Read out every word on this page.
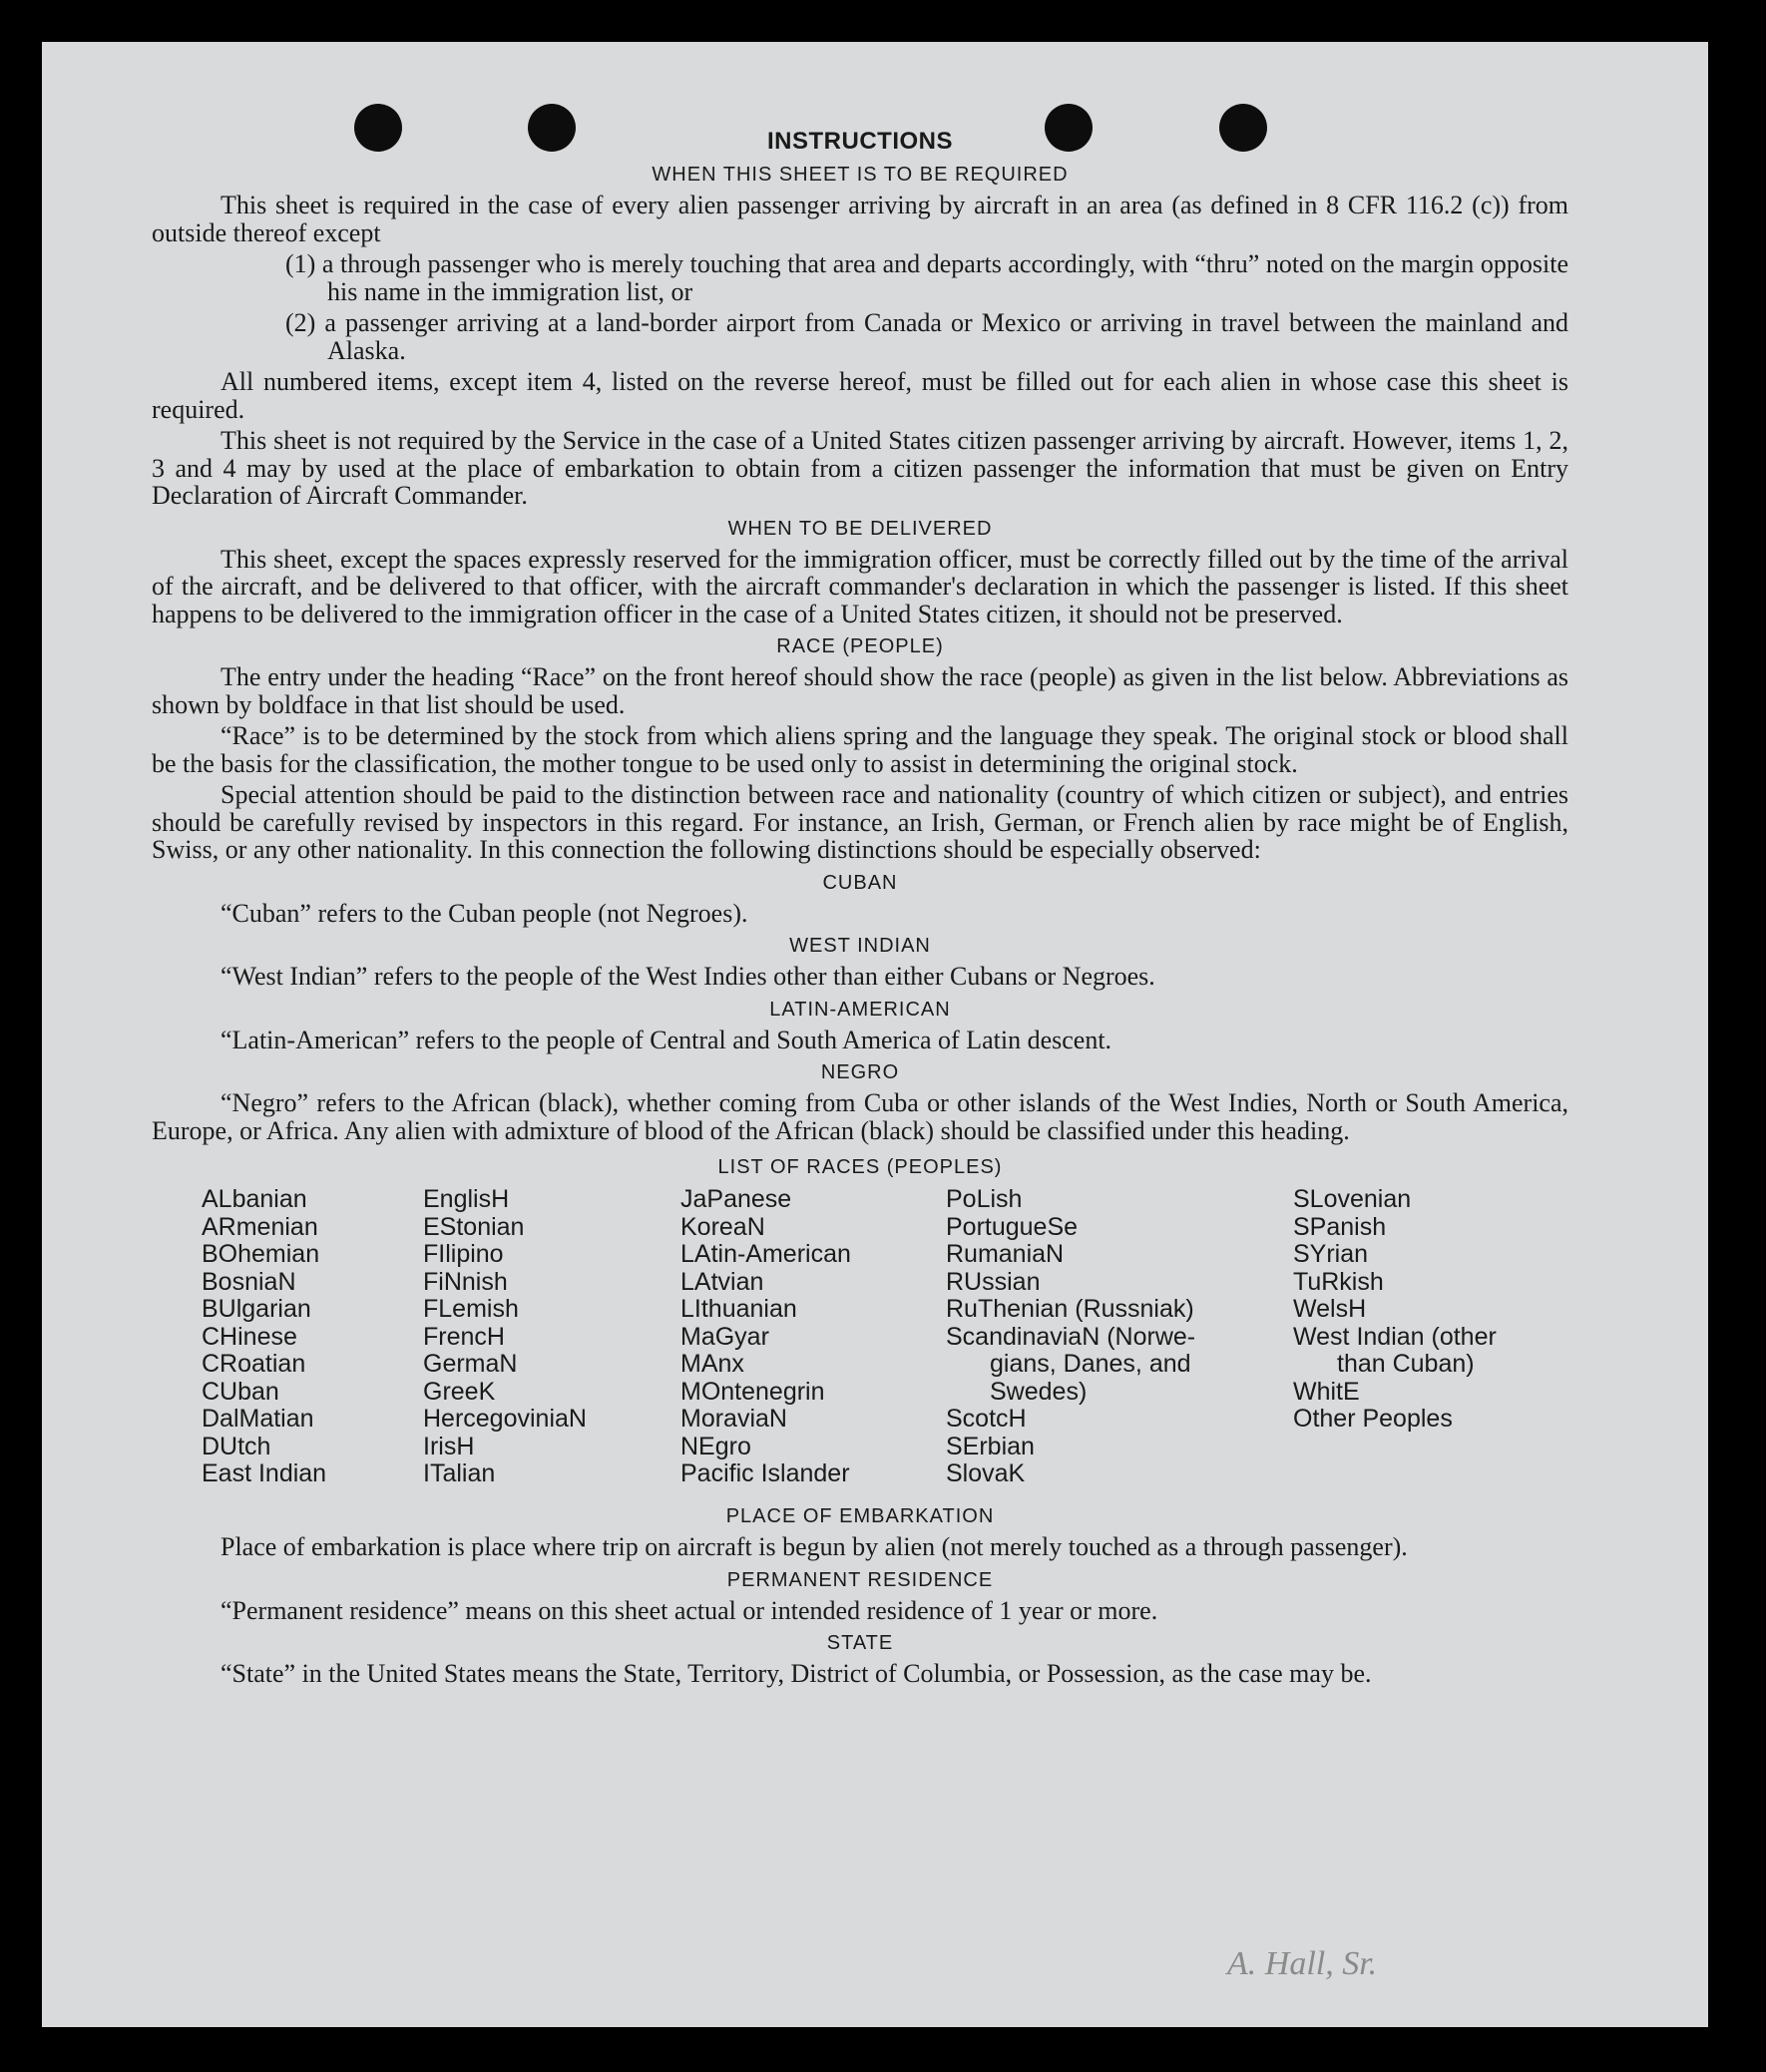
INSTRUCTIONS
WHEN THIS SHEET IS TO BE REQUIRED

This sheet is required in the case of every alien passenger arriving by aircraft in an area (as defined in 8 CFR 116.2 (c)) from outside thereof except

(1) a through passenger who is merely touching that area and departs accordingly, with “thru” noted on the margin opposite his name in the immigration list, or
(2) a passenger arriving at a land-border airport from Canada or Mexico or arriving in travel between the mainland and Alaska.

All numbered items, except item 4, listed on the reverse hereof, must be filled out for each alien in whose case this sheet is required.

This sheet is not required by the Service in the case of a United States citizen passenger arriving by aircraft. However, items 1, 2, 3 and 4 may by used at the place of embarkation to obtain from a citizen passenger the information that must be given on Entry Declaration of Aircraft Commander.

WHEN TO BE DELIVERED

This sheet, except the spaces expressly reserved for the immigration officer, must be correctly filled out by the time of the arrival of the aircraft, and be delivered to that officer, with the aircraft commander's declaration in which the passenger is listed. If this sheet happens to be delivered to the immigration officer in the case of a United States citizen, it should not be preserved.

RACE (PEOPLE)

The entry under the heading “Race” on the front hereof should show the race (people) as given in the list below. Abbreviations as shown by boldface in that list should be used.

“Race” is to be determined by the stock from which aliens spring and the language they speak. The original stock or blood shall be the basis for the classification, the mother tongue to be used only to assist in determining the original stock.

Special attention should be paid to the distinction between race and nationality (country of which citizen or subject), and entries should be carefully revised by inspectors in this regard. For instance, an Irish, German, or French alien by race might be of English, Swiss, or any other nationality. In this connection the following distinctions should be especially observed:

CUBAN

“Cuban” refers to the Cuban people (not Negroes).

WEST INDIAN

“West Indian” refers to the people of the West Indies other than either Cubans or Negroes.

LATIN-AMERICAN

“Latin-American” refers to the people of Central and South America of Latin descent.

NEGRO

“Negro” refers to the African (black), whether coming from Cuba or other islands of the West Indies, North or South America, Europe, or Africa. Any alien with admixture of blood of the African (black) should be classified under this heading.

LIST OF RACES (PEOPLES)
ALbanian
ARmenian
BOhemian
BosniaN
BUlgarian
CHinese
CRoatian
CUban
DalMatian
DUtch
East Indian
EnglisH
EStonian
FIlipino
FiNnish
FLemish
FrencH
GermaN
GreeK
HercegoviniaN
IrisH
ITalian
JaPanese
KoreaN
LAtin-American
LAtvian
LIthuanian
MaGyar
MAnx
MOntenegrin
MoraviaN
NEgro
Pacific Islander
PoLish
PortugueSe
RumaniaN
RUssian
RuThenian (Russniak)
ScandinaviaN (Norwe-
gians, Danes, and
Swedes)
ScotcH
SErbian
SlovaK
SLovenian
SPanish
SYrian
TuRkish
WelsH
West Indian (other
than Cuban)
WhitE
Other Peoples
PLACE OF EMBARKATION

Place of embarkation is place where trip on aircraft is begun by alien (not merely touched as a through passenger).

PERMANENT RESIDENCE

“Permanent residence” means on this sheet actual or intended residence of 1 year or more.

STATE

“State” in the United States means the State, Territory, District of Columbia, or Possession, as the case may be.

A. Hall, Sr.
